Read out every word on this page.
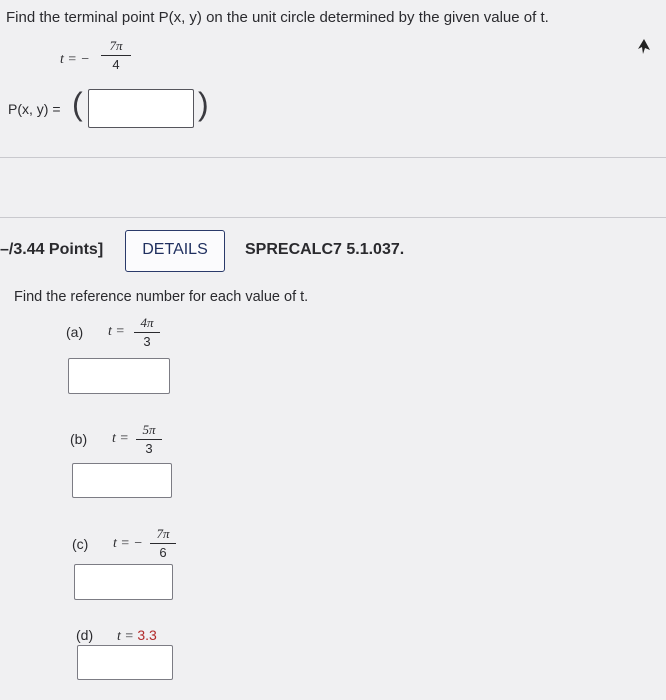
Find the terminal point P(x, y) on the unit circle determined by the given value of t.
t = − $\frac{7\pi}{4}$
P(x, y) = (	)
–/3.44 Points]	DETAILS	SPRECALC7 5.1.037.
Find the reference number for each value of t.
(a) $t = \frac{4\pi}{3}$
(b) $t = \frac{5\pi}{3}$
(c) t = − $\frac{7\pi}{6}$
(d) t = 3.3
